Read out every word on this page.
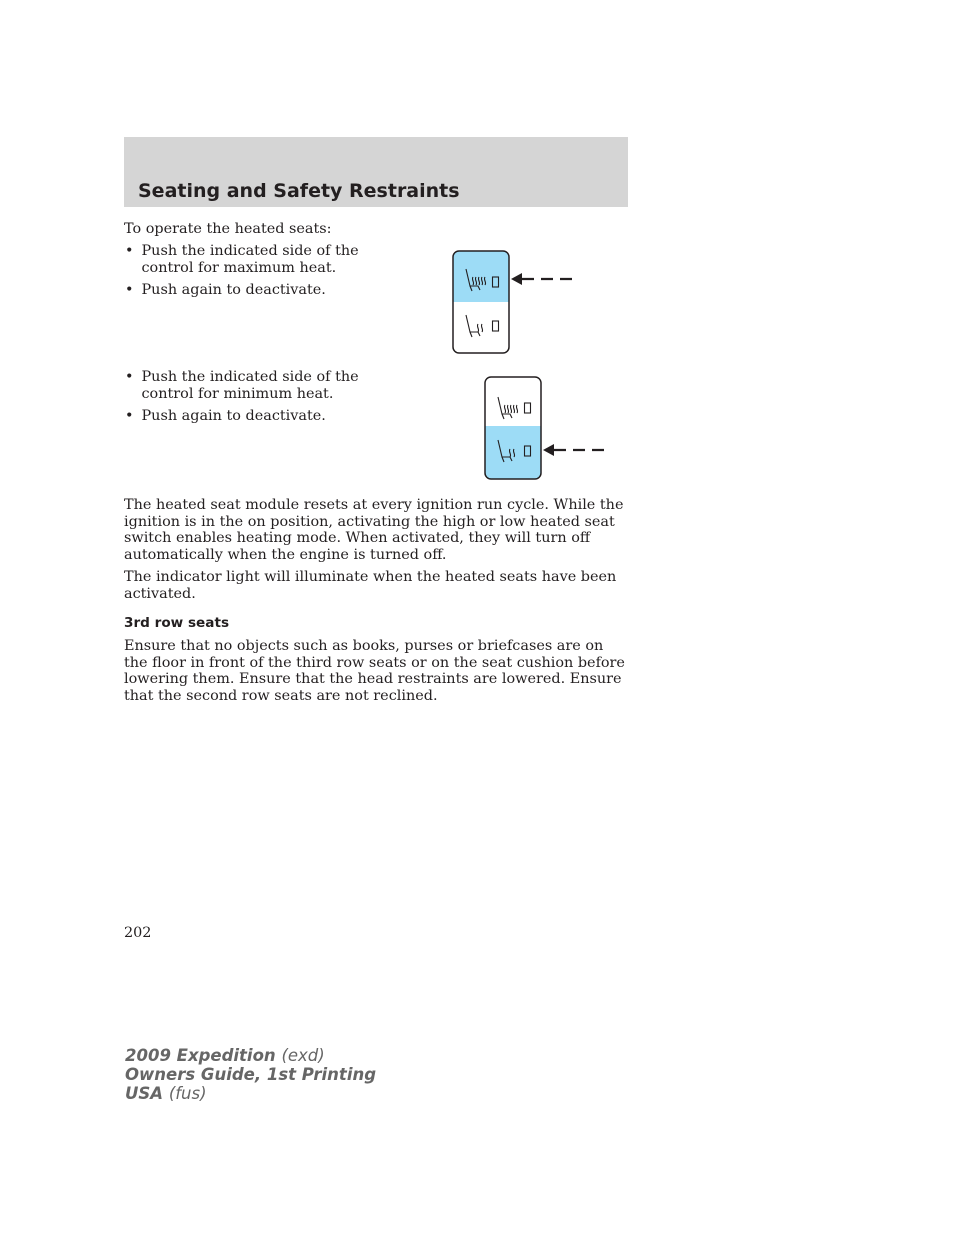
Seating and Safety Restraints

To operate the heated seats:

• Push the indicated side of the control for maximum heat.
• Push again to deactivate.
• Push the indicated side of the control for minimum heat.
• Push again to deactivate.

The heated seat module resets at every ignition run cycle. While the ignition is in the on position, activating the high or low heated seat switch enables heating mode. When activated, they will turn off automatically when the engine is turned off.

The indicator light will illuminate when the heated seats have been activated.

3rd row seats

Ensure that no objects such as books, purses or briefcases are on the floor in front of the third row seats or on the seat cushion before lowering them. Ensure that the head restraints are lowered. Ensure that the second row seats are not reclined.

202
2009 Expedition (exd)
Owners Guide, 1st Printing
USA (fus)
